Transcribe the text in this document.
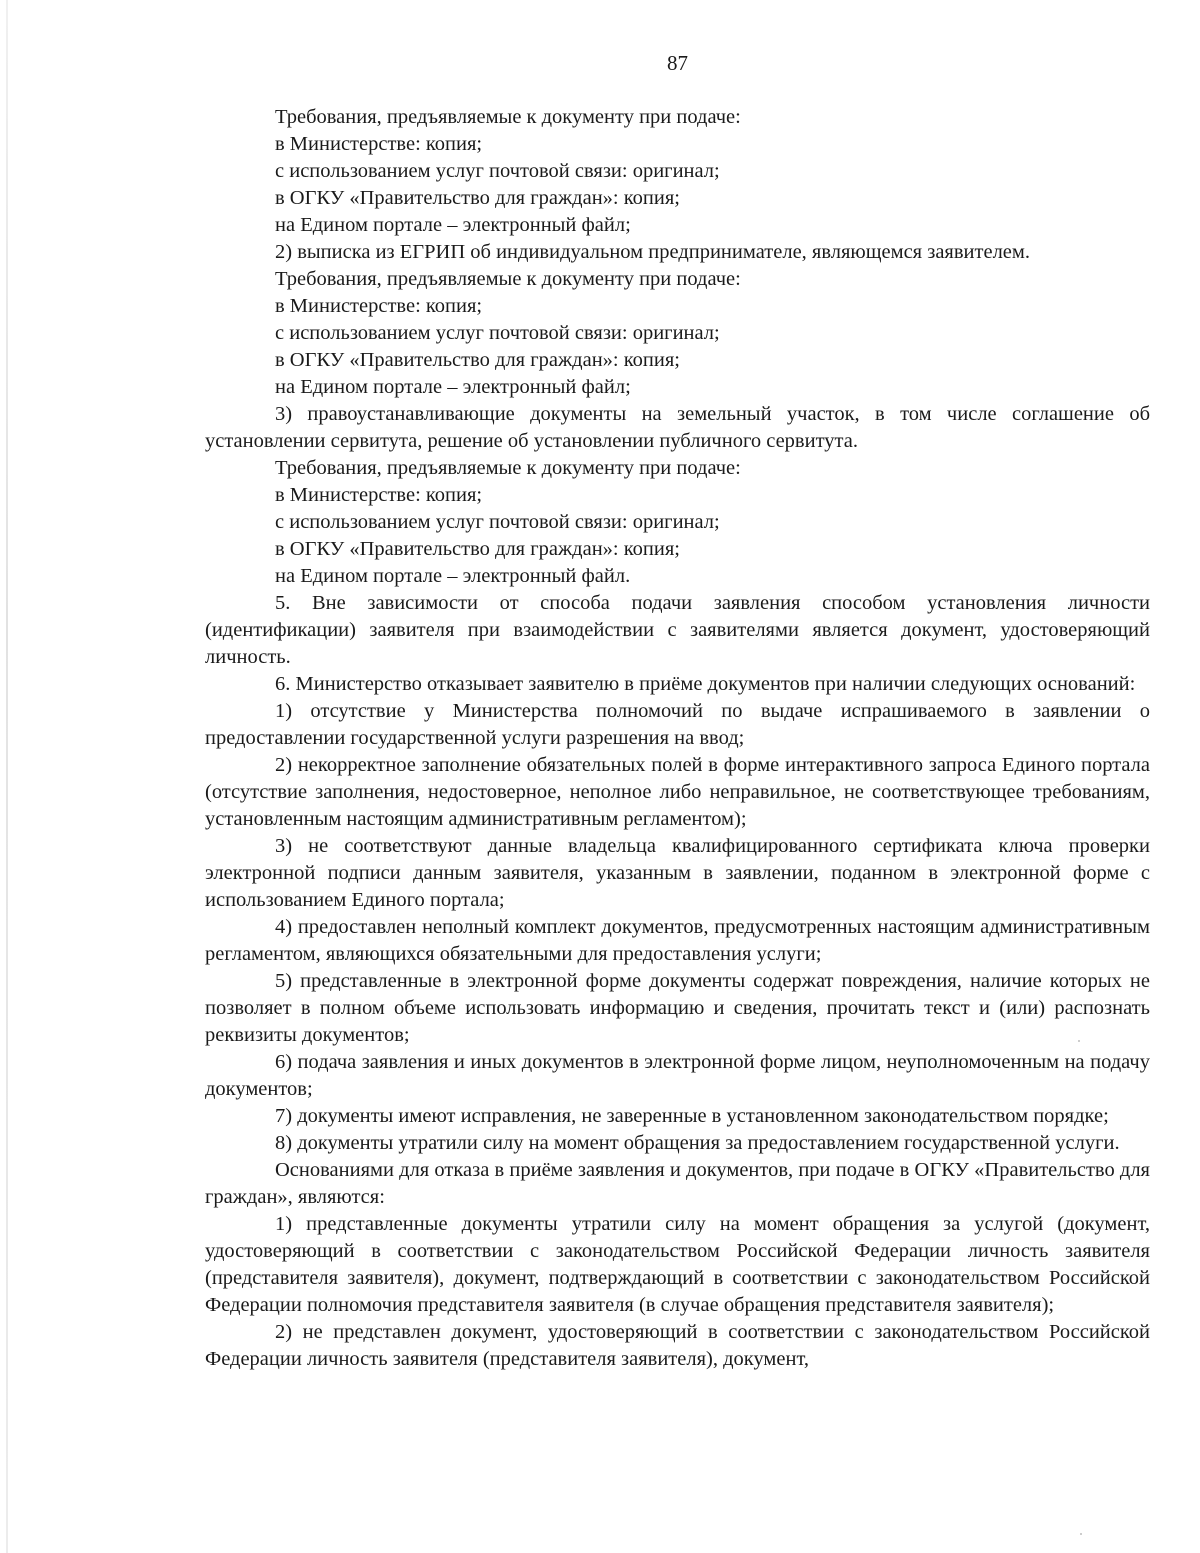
87

Требования, предъявляемые к документу при подаче:

в Министерстве: копия;

с использованием услуг почтовой связи: оригинал;

в ОГКУ «Правительство для граждан»: копия;

на Едином портале – электронный файл;

2) выписка из ЕГРИП об индивидуальном предпринимателе, являющемся заявителем.

Требования, предъявляемые к документу при подаче:

в Министерстве: копия;

с использованием услуг почтовой связи: оригинал;

в ОГКУ «Правительство для граждан»: копия;

на Едином портале – электронный файл;

3) правоустанавливающие документы на земельный участок, в том числе соглашение об установлении сервитута, решение об установлении публичного сервитута.

Требования, предъявляемые к документу при подаче:

в Министерстве: копия;

с использованием услуг почтовой связи: оригинал;

в ОГКУ «Правительство для граждан»: копия;

на Едином портале – электронный файл.

5. Вне зависимости от способа подачи заявления способом установления личности (идентификации) заявителя при взаимодействии с заявителями является документ, удостоверяющий личность.

6. Министерство отказывает заявителю в приёме документов при наличии следующих оснований:

1) отсутствие у Министерства полномочий по выдаче испрашиваемого в заявлении о предоставлении государственной услуги разрешения на ввод;

2) некорректное заполнение обязательных полей в форме интерактивного запроса Единого портала (отсутствие заполнения, недостоверное, неполное либо неправильное, не соответствующее требованиям, установленным настоящим административным регламентом);

3) не соответствуют данные владельца квалифицированного сертификата ключа проверки электронной подписи данным заявителя, указанным в заявлении, поданном в электронной форме с использованием Единого портала;

4) предоставлен неполный комплект документов, предусмотренных настоящим административным регламентом, являющихся обязательными для предоставления услуги;

5) представленные в электронной форме документы содержат повреждения, наличие которых не позволяет в полном объеме использовать информацию и сведения, прочитать текст и (или) распознать реквизиты документов;

6) подача заявления и иных документов в электронной форме лицом, неуполномоченным на подачу документов;

7) документы имеют исправления, не заверенные в установленном законодательством порядке;

8) документы утратили силу на момент обращения за предоставлением государственной услуги.

Основаниями для отказа в приёме заявления и документов, при подаче в ОГКУ «Правительство для граждан», являются:

1) представленные документы утратили силу на момент обращения за услугой (документ, удостоверяющий в соответствии с законодательством Российской Федерации личность заявителя (представителя заявителя), документ, подтверждающий в соответствии с законодательством Российской Федерации полномочия представителя заявителя (в случае обращения представителя заявителя);

2) не представлен документ, удостоверяющий в соответствии с законодательством Российской Федерации личность заявителя (представителя заявителя), документ,
